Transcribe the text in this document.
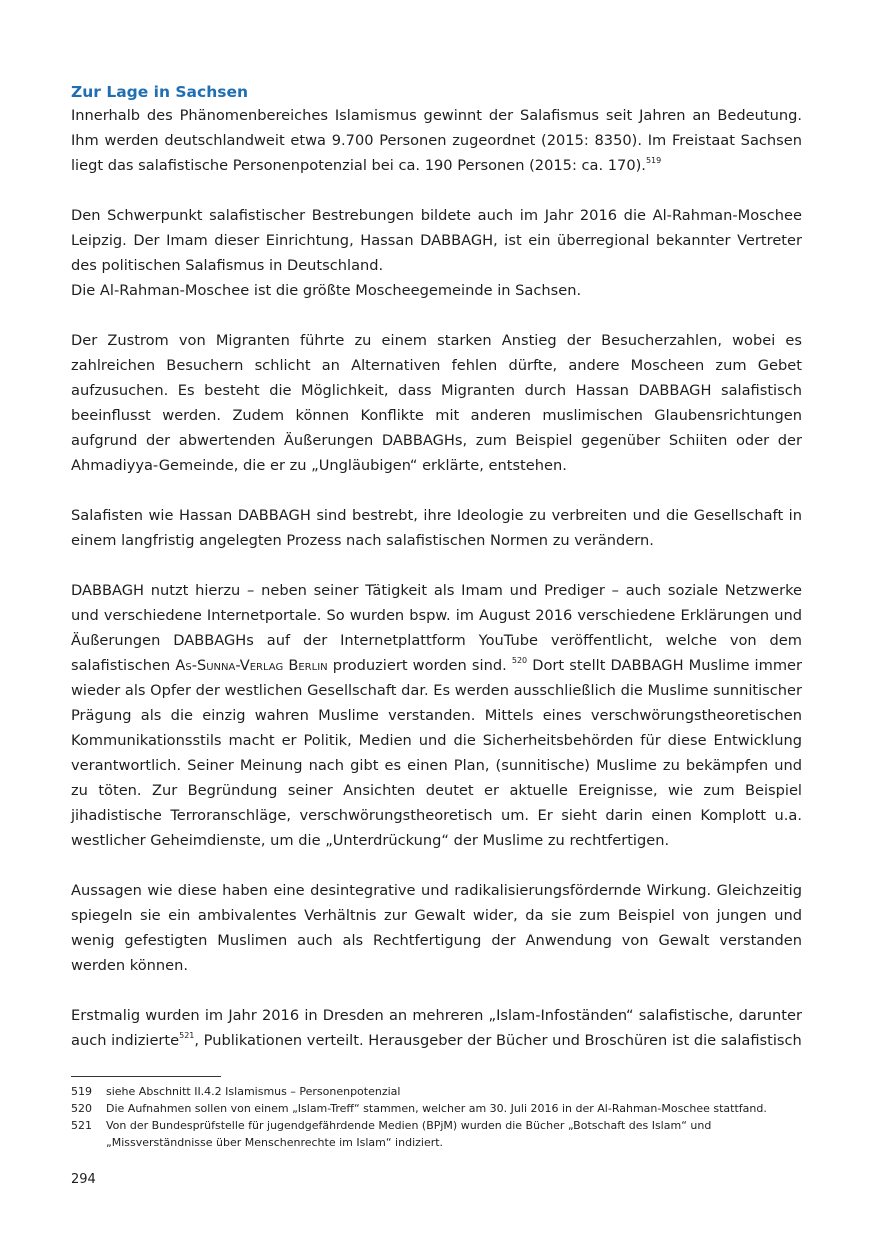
Zur Lage in Sachsen

Innerhalb des Phänomenbereiches Islamismus gewinnt der Salafismus seit Jahren an Bedeutung. Ihm werden deutschlandweit etwa 9.700 Personen zugeordnet (2015: 8350). Im Freistaat Sachsen liegt das salafistische Personenpotenzial bei ca. 190 Personen (2015: ca. 170).$^{519}$

Den Schwerpunkt salafistischer Bestrebungen bildete auch im Jahr 2016 die Al-Rahman-Moschee Leipzig. Der Imam dieser Einrichtung, Hassan DABBAGH, ist ein überregional bekannter Vertreter des politischen Salafismus in Deutschland.

Die Al-Rahman-Moschee ist die größte Moscheegemeinde in Sachsen.

Der Zustrom von Migranten führte zu einem starken Anstieg der Besucherzahlen, wobei es zahlreichen Besuchern schlicht an Alternativen fehlen dürfte, andere Moscheen zum Gebet aufzusuchen. Es besteht die Möglichkeit, dass Migranten durch Hassan DABBAGH salafistisch beeinflusst werden. Zudem können Konflikte mit anderen muslimischen Glaubensrichtungen aufgrund der abwertenden Äußerungen DABBAGHs, zum Beispiel gegenüber Schiiten oder der Ahmadiyya-Gemeinde, die er zu „Ungläubigen“ erklärte, entstehen.

Salafisten wie Hassan DABBAGH sind bestrebt, ihre Ideologie zu verbreiten und die Gesellschaft in einem langfristig angelegten Prozess nach salafistischen Normen zu verändern.

DABBAGH nutzt hierzu – neben seiner Tätigkeit als Imam und Prediger – auch soziale Netzwerke und verschiedene Internetportale. So wurden bspw. im August 2016 verschiedene Erklärungen und Äußerungen DABBAGHs auf der Internetplattform YouTube veröffentlicht, welche von dem salafistischen As-Sunna-Verlag Berlin produziert worden sind. $^{520}$ Dort stellt DABBAGH Muslime immer wieder als Opfer der westlichen Gesellschaft dar. Es werden ausschließlich die Muslime sunnitischer Prägung als die einzig wahren Muslime verstanden. Mittels eines verschwörungstheoretischen Kommunikationsstils macht er Politik, Medien und die Sicherheitsbehörden für diese Entwicklung verantwortlich. Seiner Meinung nach gibt es einen Plan, (sunnitische) Muslime zu bekämpfen und zu töten. Zur Begründung seiner Ansichten deutet er aktuelle Ereignisse, wie zum Beispiel jihadistische Terroranschläge, verschwörungstheoretisch um. Er sieht darin einen Komplott u.a. westlicher Geheimdienste, um die „Unterdrückung“ der Muslime zu rechtfertigen.

Aussagen wie diese haben eine desintegrative und radikalisierungsfördernde Wirkung. Gleichzeitig spiegeln sie ein ambivalentes Verhältnis zur Gewalt wider, da sie zum Beispiel von jungen und wenig gefestigten Muslimen auch als Rechtfertigung der Anwendung von Gewalt verstanden werden können.

Erstmalig wurden im Jahr 2016 in Dresden an mehreren „Islam-Infoständen“ salafistische, darunter auch indizierte$^{521}$, Publikationen verteilt. Herausgeber der Bücher und Broschüren ist die salafistisch

519	siehe Abschnitt II.4.2 Islamismus – Personenpotenzial
520	Die Aufnahmen sollen von einem „Islam-Treff“ stammen, welcher am 30. Juli 2016 in der Al-Rahman-Moschee stattfand.
521	Von der Bundesprüfstelle für jugendgefährdende Medien (BPjM) wurden die Bücher „Botschaft des Islam“ und „Missverständnisse über Menschenrechte im Islam“ indiziert.
294
